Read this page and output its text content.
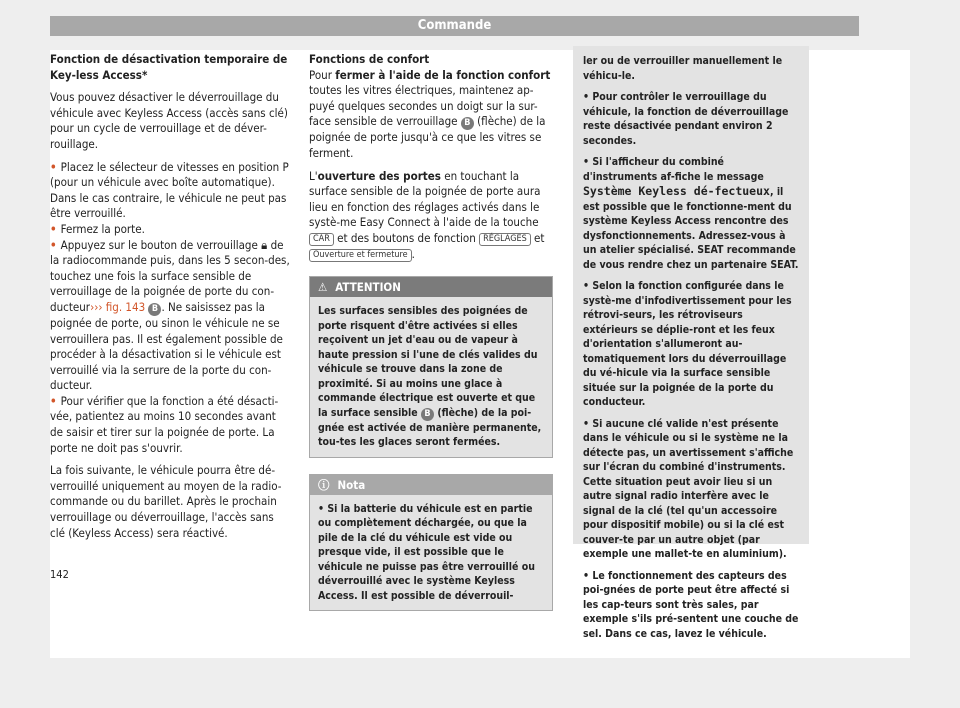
Commande

Fonction de désactivation temporaire de Key-less Access*

Vous pouvez désactiver le déverrouillage du véhicule avec Keyless Access (accès sans clé) pour un cycle de verrouillage et de déver-rouillage.

• Placez le sélecteur de vitesses en position P (pour un véhicule avec boîte automatique). Dans le cas contraire, le véhicule ne peut pas être verrouillé.

• Fermez la porte.

• Appuyez sur le bouton de verrouillage 🔒︎ de la radiocommande puis, dans les 5 secon-des, touchez une fois la surface sensible de verrouillage de la poignée de porte du con-ducteur››› fig. 143 B . Ne saisissez pas la poignée de porte, ou sinon le véhicule ne se verrouillera pas. Il est également possible de procéder à la désactivation si le véhicule est verrouillé via la serrure de la porte du con-ducteur.

• Pour vérifier que la fonction a été désacti-vée, patientez au moins 10 secondes avant de saisir et tirer sur la poignée de porte. La porte ne doit pas s'ouvrir.

La fois suivante, le véhicule pourra être dé-verrouillé uniquement au moyen de la radio-commande ou du barillet. Après le prochain verrouillage ou déverrouillage, l'accès sans clé (Keyless Access) sera réactivé.

Fonctions de confort

Pour fermer à l'aide de la fonction confort toutes les vitres électriques, maintenez ap-puyé quelques secondes un doigt sur la sur-face sensible de verrouillage B (flèche) de la poignée de porte jusqu'à ce que les vitres se ferment.

L'ouverture des portes en touchant la surface sensible de la poignée de porte aura lieu en fonction des réglages activés dans le systè-me Easy Connect à l'aide de la touche CAR et des boutons de fonction RÉGLAGES et Ouverture et fermeture .

⚠ ATTENTION
Les surfaces sensibles des poignées de porte risquent d'être activées si elles reçoivent un jet d'eau ou de vapeur à haute pression si l'une de clés valides du véhicule se trouve dans la zone de proximité. Si au moins une glace à commande électrique est ouverte et que la surface sensible B (flèche) de la poi-gnée est activée de manière permanente, tou-tes les glaces seront fermées.
ⓘ Nota
• Si la batterie du véhicule est en partie ou complètement déchargée, ou que la pile de la clé du véhicule est vide ou presque vide, il est possible que le véhicule ne puisse pas être verrouillé ou déverrouillé avec le système Keyless Access. Il est possible de déverrouil-

ler ou de verrouiller manuellement le véhicu-le.

• Pour contrôler le verrouillage du véhicule, la fonction de déverrouillage reste désactivée pendant environ 2 secondes.

• Si l'afficheur du combiné d'instruments af-fiche le message Système Keyless dé-fectueux, il est possible que le fonctionne-ment du système Keyless Access rencontre des dysfonctionnements. Adressez-vous à un atelier spécialisé. SEAT recommande de vous rendre chez un partenaire SEAT.

• Selon la fonction configurée dans le systè-me d'infodivertissement pour les rétrovi-seurs, les rétroviseurs extérieurs se déplie-ront et les feux d'orientation s'allumeront au-tomatiquement lors du déverrouillage du vé-hicule via la surface sensible située sur la poignée de la porte du conducteur.

• Si aucune clé valide n'est présente dans le véhicule ou si le système ne la détecte pas, un avertissement s'affiche sur l'écran du combiné d'instruments. Cette situation peut avoir lieu si un autre signal radio interfère avec le signal de la clé (tel qu'un accessoire pour dispositif mobile) ou si la clé est couver-te par un autre objet (par exemple une mallet-te en aluminium).

• Le fonctionnement des capteurs des poi-gnées de porte peut être affecté si les cap-teurs sont très sales, par exemple s'ils pré-sentent une couche de sel. Dans ce cas, lavez le véhicule.

142
